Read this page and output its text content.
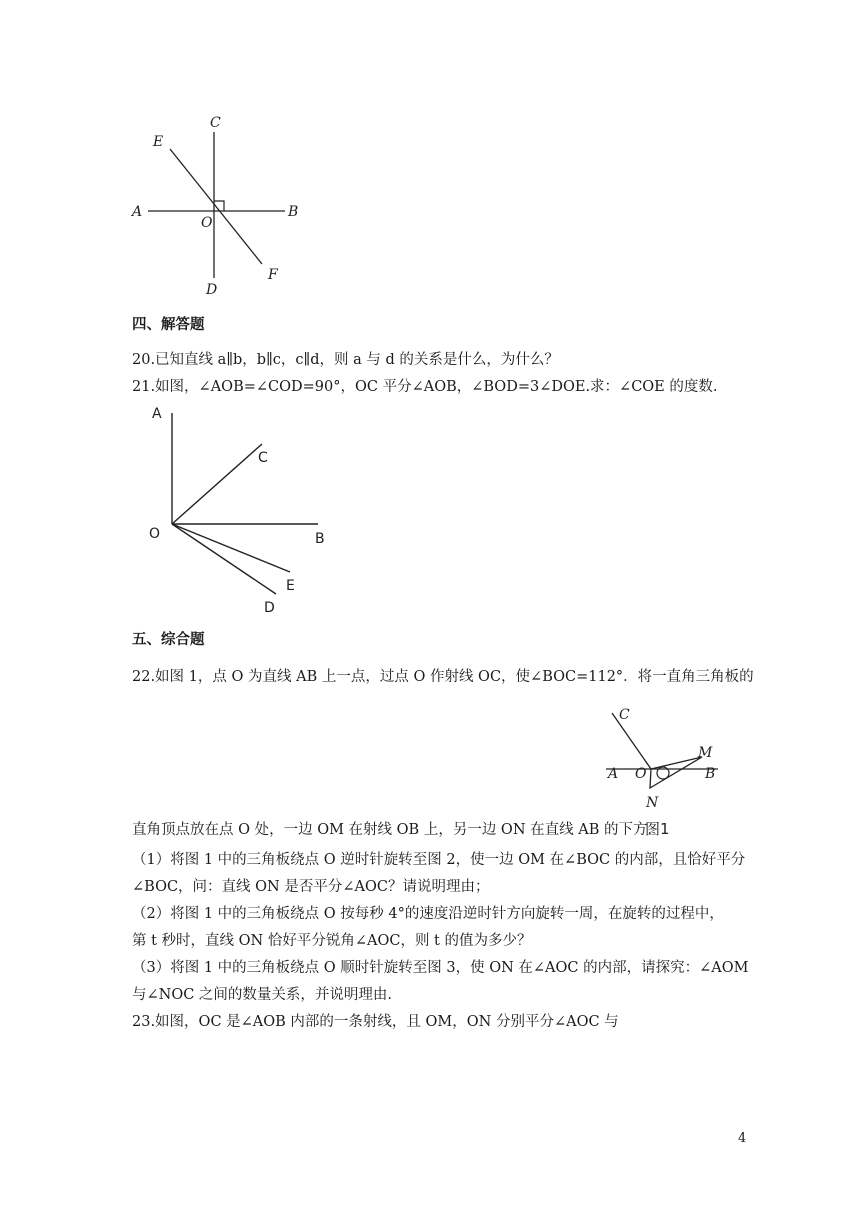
C
E
A
O
B
F
D
四、解答题
20.已知直线 a∥b，b∥c，c∥d，则 a 与 d 的关系是什么，为什么？
21.如图，∠AOB=∠COD=90°，OC 平分∠AOB，∠BOD=3∠DOE.求：∠COE 的度数.
A
C
O	B
E
D
五、综合题
22.如图 1，点 O 为直线 AB 上一点，过点 O 作射线 OC，使∠BOC=112°．将一直角三角板的
C
M
A O	B
N
图1
直角顶点放在点 O 处，一边 OM 在射线 OB 上，另一边 ON 在直线 AB 的下方.
（1）将图 1 中的三角板绕点 O 逆时针旋转至图 2，使一边 OM 在∠BOC 的内部，且恰好平分
∠BOC，问：直线 ON 是否平分∠AOC？请说明理由；
（2）将图 1 中的三角板绕点 O 按每秒 4°的速度沿逆时针方向旋转一周，在旋转的过程中，
第 t 秒时，直线 ON 恰好平分锐角∠AOC，则 t 的值为多少？
（3）将图 1 中的三角板绕点 O 顺时针旋转至图 3，使 ON 在∠AOC 的内部，请探究：∠AOM
与∠NOC 之间的数量关系，并说明理由.
23.如图，OC 是∠AOB 内部的一条射线，且 OM，ON 分别平分∠AOC 与
4
